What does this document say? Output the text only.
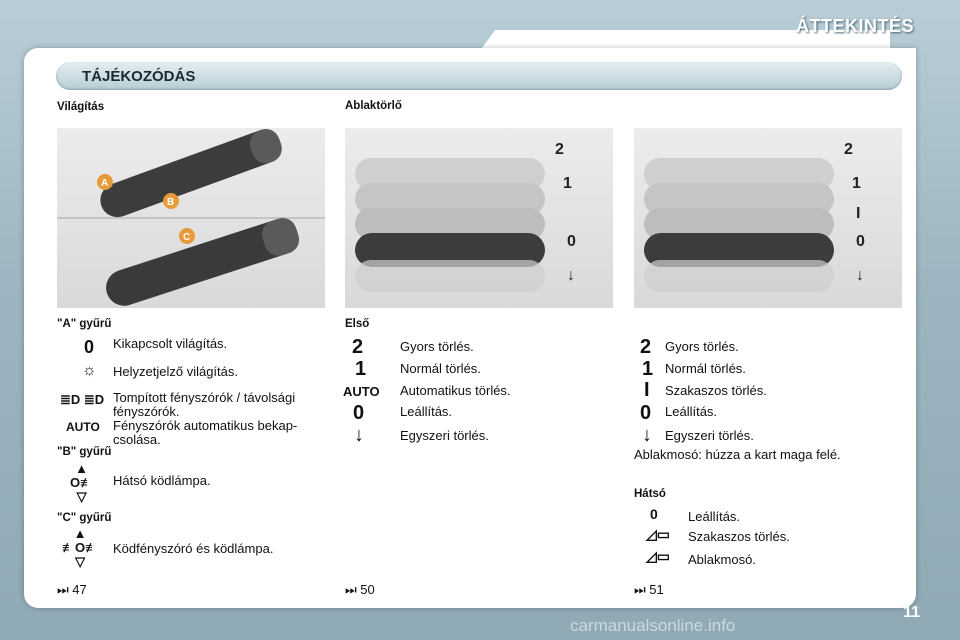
ÁTTEKINTÉS
TÁJÉKOZÓDÁS
Világítás
A
B
C
"A" gyűrű
0 Kikapcsolt világítás.
☼ Helyzetjelző világítás.
≣D ≣D Tompított fényszórók / távolsági fényszórók.
AUTO Fényszórók automatikus bekap-csolása.
"B" gyűrű
▲
O≢
▽
Hátsó ködlámpa.
"C" gyűrű
▲
≢O≢
▽
Ködfényszóró és ködlámpa.
⏭ 47
Ablaktörlő
2
1
0
↓
Első
2	Gyors törlés.
1	Normál törlés.
AUTO Automatikus törlés.
0	Leállítás.
↓	Egyszeri törlés.
⏭ 50
2
1
I
0
↓
2 Gyors törlés.
1 Normál törlés.
I Szakaszos törlés.
0 Leállítás.
↓ Egyszeri törlés.
Ablakmosó: húzza a kart maga felé.
Hátsó
0 Leállítás.
◿▭ Szakaszos törlés.
◿▭ Ablakmosó.
⏭ 51
11
carmanualsonline.info
